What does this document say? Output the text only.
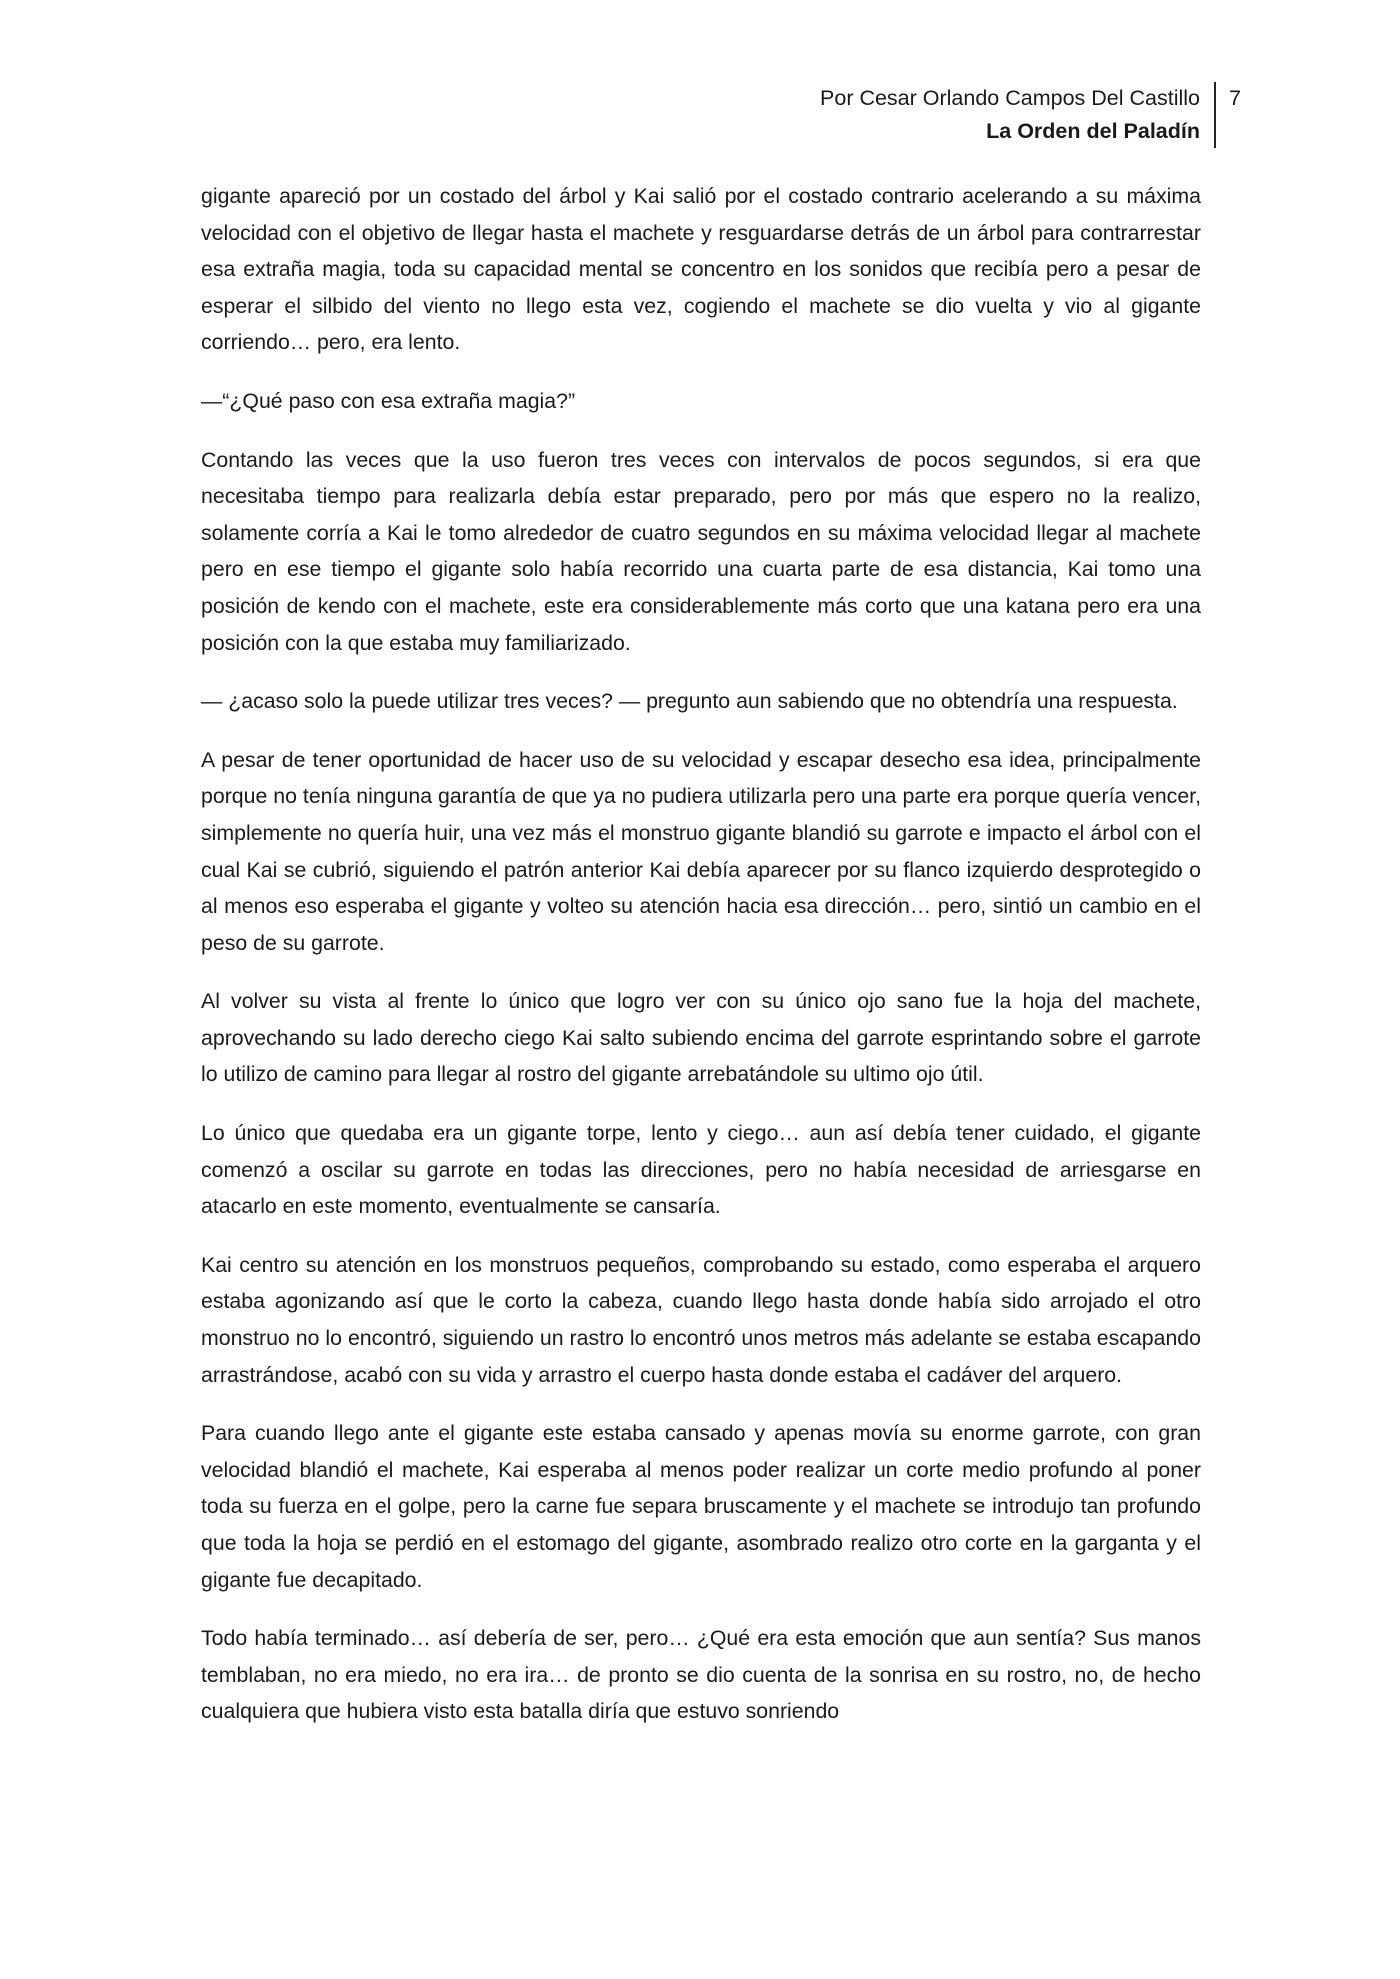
Por Cesar Orlando Campos Del Castillo
La Orden del Paladín
7

gigante apareció por un costado del árbol y Kai salió por el costado contrario acelerando a su máxima velocidad con el objetivo de llegar hasta el machete y resguardarse detrás de un árbol para contrarrestar esa extraña magia, toda su capacidad mental se concentro en los sonidos que recibía pero a pesar de esperar el silbido del viento no llego esta vez, cogiendo el machete se dio vuelta y vio al gigante corriendo… pero, era lento.

—“¿Qué paso con esa extraña magia?”

Contando las veces que la uso fueron tres veces con intervalos de pocos segundos, si era que necesitaba tiempo para realizarla debía estar preparado, pero por más que espero no la realizo, solamente corría a Kai le tomo alrededor de cuatro segundos en su máxima velocidad llegar al machete pero en ese tiempo el gigante solo había recorrido una cuarta parte de esa distancia, Kai tomo una posición de kendo con el machete, este era considerablemente más corto que una katana pero era una posición con la que estaba muy familiarizado.

— ¿acaso solo la puede utilizar tres veces? — pregunto aun sabiendo que no obtendría una respuesta.

A pesar de tener oportunidad de hacer uso de su velocidad y escapar desecho esa idea, principalmente porque no tenía ninguna garantía de que ya no pudiera utilizarla pero una parte era porque quería vencer, simplemente no quería huir, una vez más el monstruo gigante blandió su garrote e impacto el árbol con el cual Kai se cubrió, siguiendo el patrón anterior Kai debía aparecer por su flanco izquierdo desprotegido o al menos eso esperaba el gigante y volteo su atención hacia esa dirección… pero, sintió un cambio en el peso de su garrote.

Al volver su vista al frente lo único que logro ver con su único ojo sano fue la hoja del machete, aprovechando su lado derecho ciego Kai salto subiendo encima del garrote esprintando sobre el garrote lo utilizo de camino para llegar al rostro del gigante arrebatándole su ultimo ojo útil.

Lo único que quedaba era un gigante torpe, lento y ciego… aun así debía tener cuidado, el gigante comenzó a oscilar su garrote en todas las direcciones, pero no había necesidad de arriesgarse en atacarlo en este momento, eventualmente se cansaría.

Kai centro su atención en los monstruos pequeños, comprobando su estado, como esperaba el arquero estaba agonizando así que le corto la cabeza, cuando llego hasta donde había sido arrojado el otro monstruo no lo encontró, siguiendo un rastro lo encontró unos metros más adelante se estaba escapando arrastrándose, acabó con su vida y arrastro el cuerpo hasta donde estaba el cadáver del arquero.

Para cuando llego ante el gigante este estaba cansado y apenas movía su enorme garrote, con gran velocidad blandió el machete, Kai esperaba al menos poder realizar un corte medio profundo al poner toda su fuerza en el golpe, pero la carne fue separa bruscamente y el machete se introdujo tan profundo que toda la hoja se perdió en el estomago del gigante, asombrado realizo otro corte en la garganta y el gigante fue decapitado.

Todo había terminado… así debería de ser, pero… ¿Qué era esta emoción que aun sentía? Sus manos temblaban, no era miedo, no era ira… de pronto se dio cuenta de la sonrisa en su rostro, no, de hecho cualquiera que hubiera visto esta batalla diría que estuvo sonriendo
